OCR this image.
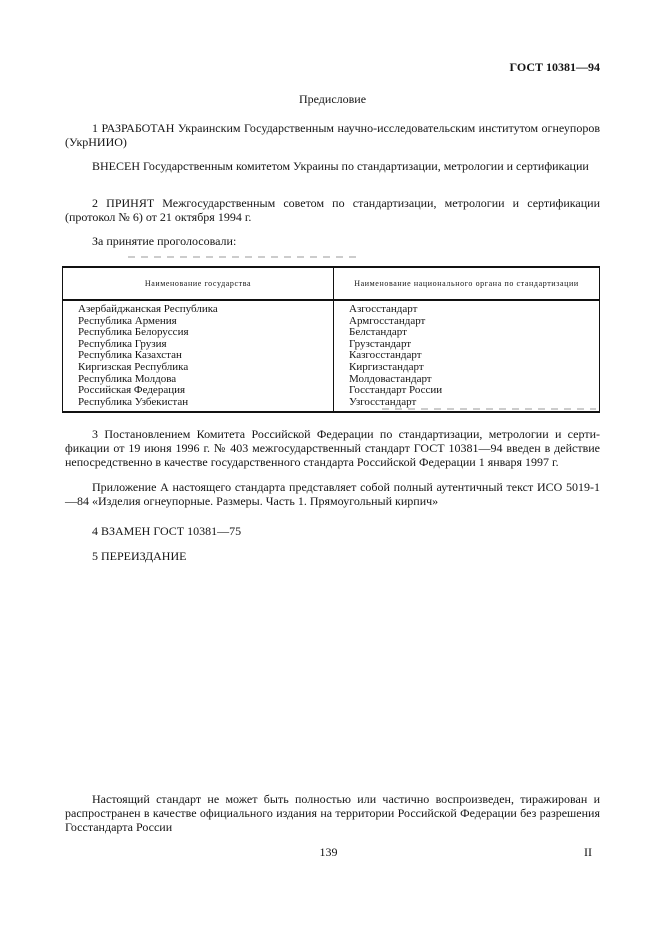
ГОСТ 10381—94
Предисловие

1 РАЗРАБОТАН Украинским Государственным научно-исследовательским институтом огнеупоров (УкрНИИО)

ВНЕСЕН Государственным комитетом Украины по стандартизации, метрологии и сертификации

2 ПРИНЯТ Межгосударственным советом по стандартизации, метрологии и сертификации (протокол № 6) от 21 октября 1994 г.

За принятие проголосовали:

Наименование государства	Наименование национального органа по стандартизации
Азербайджанская Республика	Азгосстандарт
Республика Армения	Армгосстандарт
Республика Белоруссия	Белстандарт
Республика Грузия	Грузстандарт
Республика Казахстан	Казгосстандарт
Киргизская Республика	Киргизстандарт
Республика Молдова	Молдовастандарт
Российская Федерация	Госстандарт России
Республика Узбекистан	Узгосстандарт

3 Постановлением Комитета Российской Федерации по стандартизации, метрологии и сертификации от 19 июня 1996 г. № 403 межгосударственный стандарт ГОСТ 10381—94 введен в действие непосредственно в качестве государственного стандарта Российской Федерации 1 января 1997 г.

Приложение А настоящего стандарта представляет собой полный аутентичный текст ИСО 5019-1—84 «Изделия огнеупорные. Размеры. Часть 1. Прямоугольный кирпич»

4 ВЗАМЕН ГОСТ 10381—75

5 ПЕРЕИЗДАНИЕ

Настоящий стандарт не может быть полностью или частично воспроизведен, тиражирован и распространен в качестве официального издания на территории Российской Федерации без разрешения Госстандарта России

139	II
